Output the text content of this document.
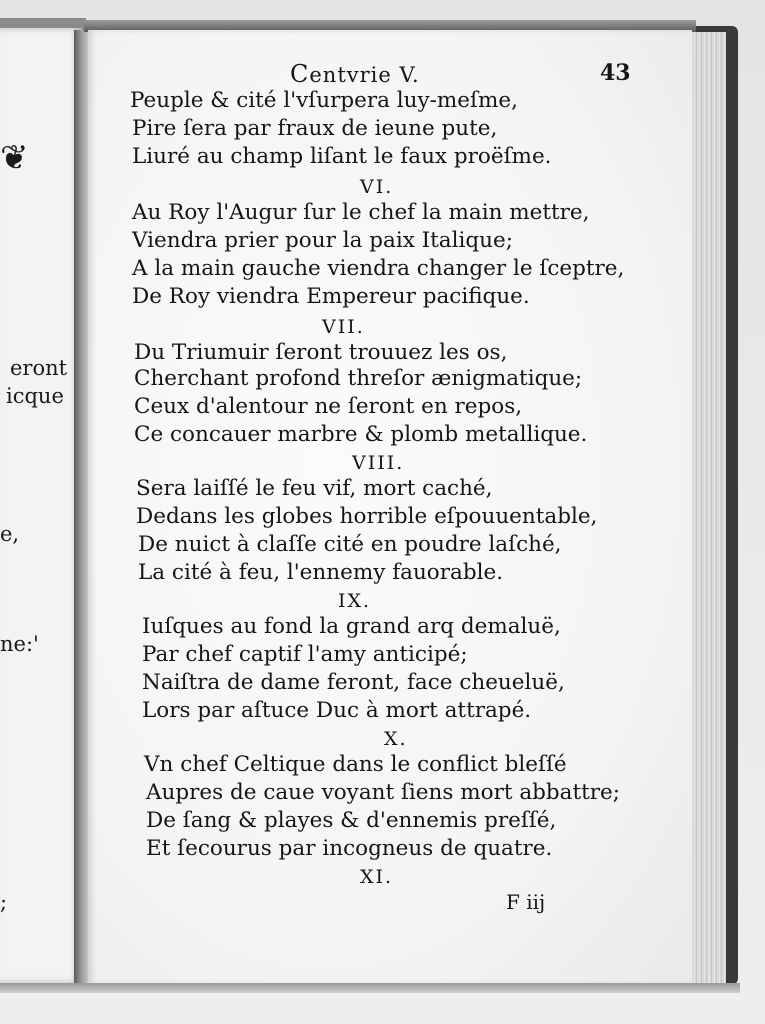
❦
eront
icque
e,
ne:'
;
Centvrie V.	43
Peuple & cité l'vſurpera luy-meſme,
Pire ſera par fraux de ieune pute,
Liuré au champ liſant le faux proëſme.
VI.
Au Roy l'Augur ſur le chef la main mettre,
Viendra prier pour la paix Italique;
A la main gauche viendra changer le ſceptre,
De Roy viendra Empereur pacifique.
VII.
Du Triumuir ſeront trouuez les os,
Cherchant profond threſor ænigmatique;
Ceux d'alentour ne ſeront en repos,
Ce concauer marbre & plomb metallique.
VIII.
Sera laiſſé le feu vif, mort caché,
Dedans les globes horrible eſpouuentable,
De nuict à claſſe cité en poudre laſché,
La cité à feu, l'ennemy fauorable.
IX.
Iuſques au fond la grand arq demaluë,
Par chef captif l'amy anticipé;
Naiſtra de dame feront, face cheueluë,
Lors par aſtuce Duc à mort attrapé.
X.
Vn chef Celtique dans le conflict bleſſé
Aupres de caue voyant ſiens mort abbattre;
De ſang & playes & d'ennemis preſſé,
Et ſecourus par incogneus de quatre.
XI.
F iij
